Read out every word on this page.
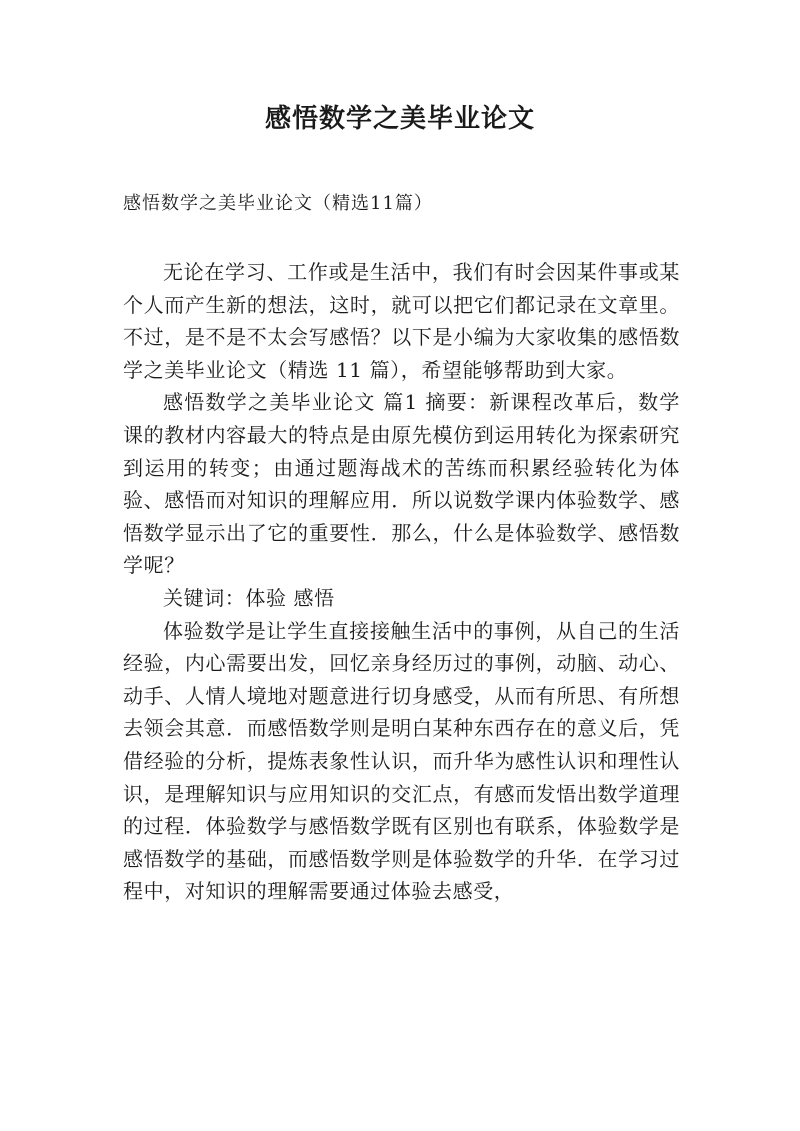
感悟数学之美毕业论文
感悟数学之美毕业论文（精选11篇）

无论在学习、工作或是生活中，我们有时会因某件事或某个人而产生新的想法，这时，就可以把它们都记录在文章里。不过，是不是不太会写感悟？以下是小编为大家收集的感悟数学之美毕业论文（精选 11 篇），希望能够帮助到大家。

感悟数学之美毕业论文 篇1 摘要：新课程改革后，数学课的教材内容最大的特点是由原先模仿到运用转化为探索研究到运用的转变；由通过题海战术的苦练而积累经验转化为体验、感悟而对知识的理解应用．所以说数学课内体验数学、感悟数学显示出了它的重要性．那么，什么是体验数学、感悟数学呢？

关键词：体验 感悟

体验数学是让学生直接接触生活中的事例，从自己的生活经验，内心需要出发，回忆亲身经历过的事例，动脑、动心、动手、人情人境地对题意进行切身感受，从而有所思、有所想去领会其意．而感悟数学则是明白某种东西存在的意义后，凭借经验的分析，提炼表象性认识，而升华为感性认识和理性认识，是理解知识与应用知识的交汇点，有感而发悟出数学道理的过程．体验数学与感悟数学既有区别也有联系，体验数学是感悟数学的基础，而感悟数学则是体验数学的升华．在学习过程中，对知识的理解需要通过体验去感受，
